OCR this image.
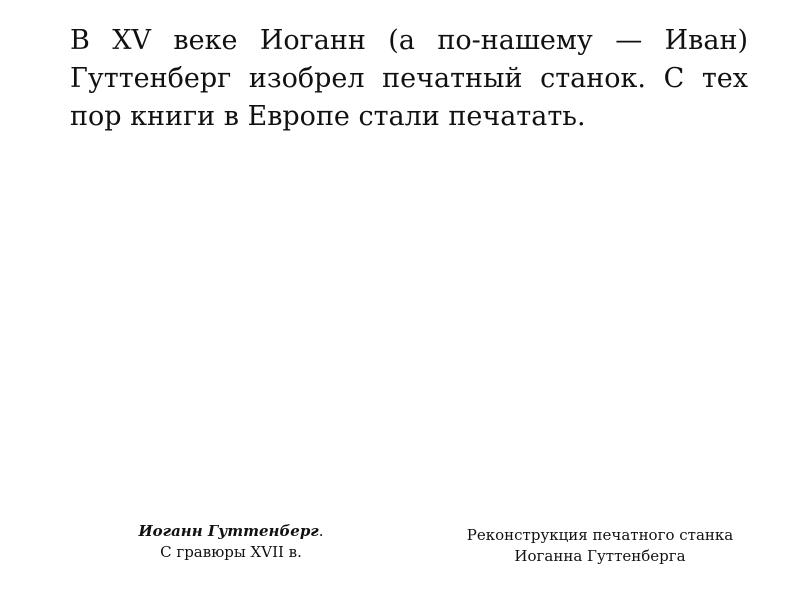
В XV веке Иоганн (а по-нашему — Иван) Гуттенберг изобрел печатный станок. С тех пор книги в Европе стали печатать.

Иоганн Гуттенберг.
С гравюры XVII в.
Реконструкция печатного станка
Иоганна Гуттенберга
